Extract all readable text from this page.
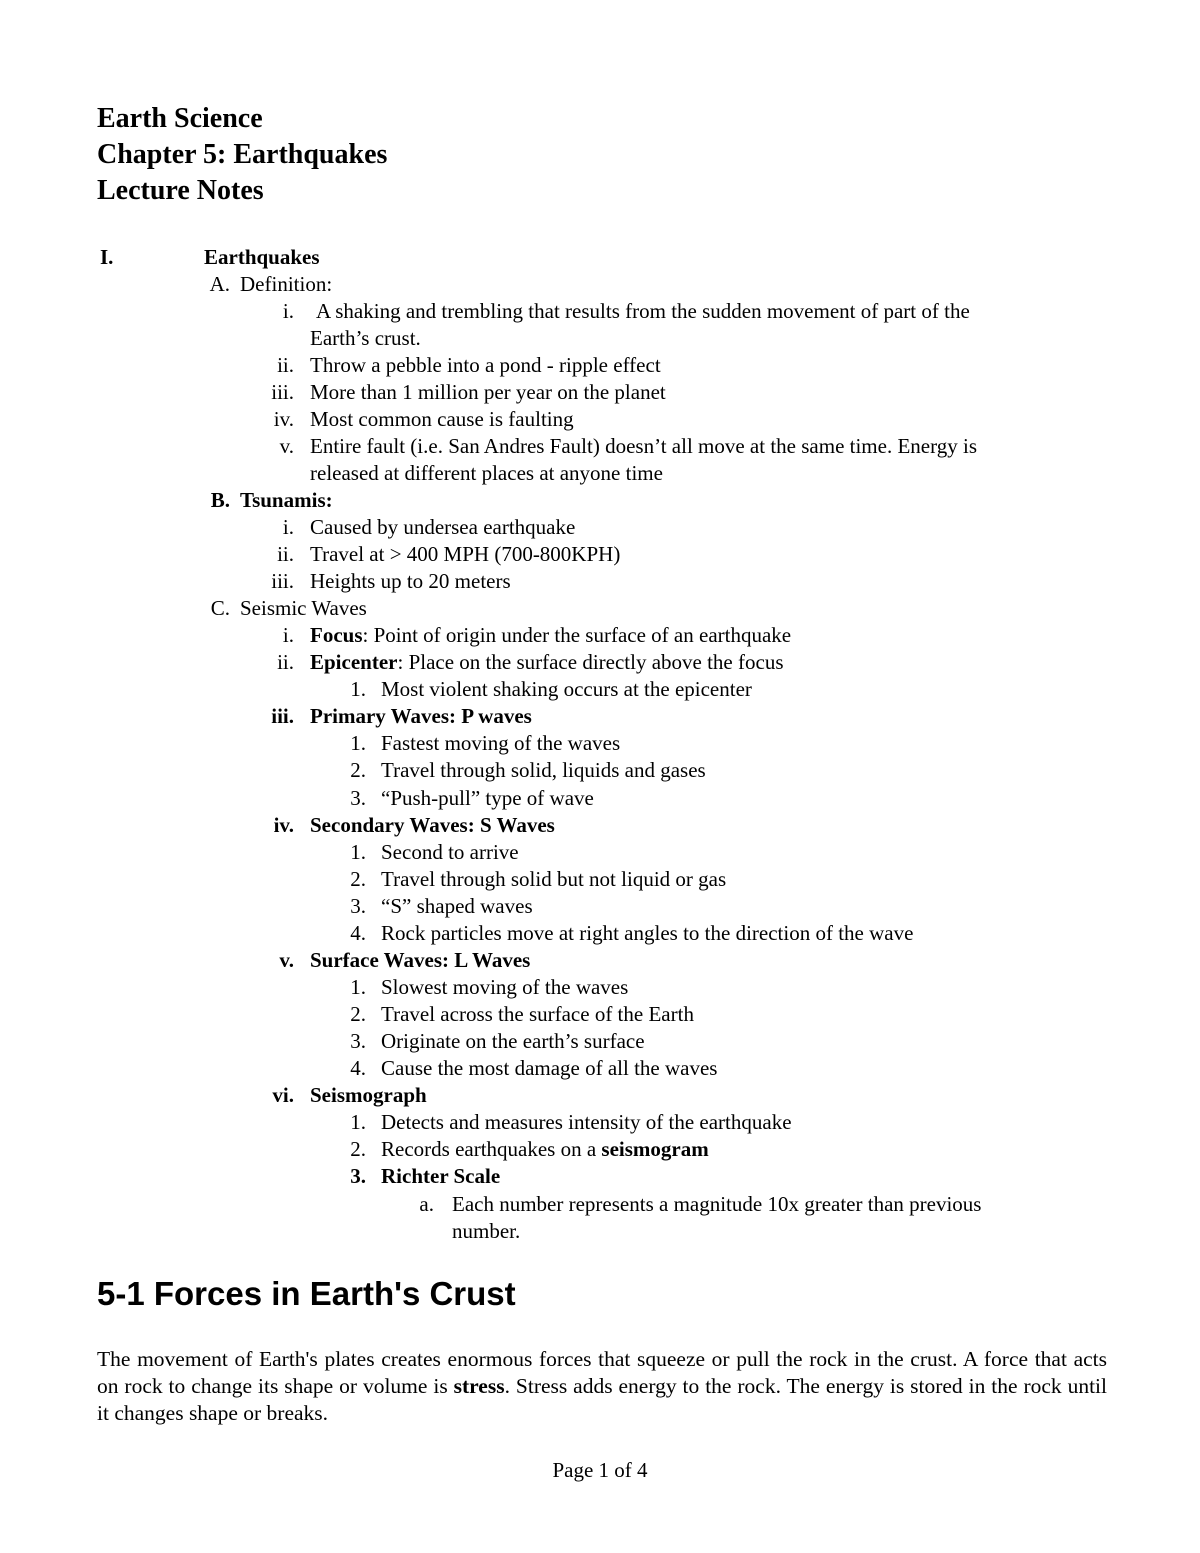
Earth Science
Chapter 5: Earthquakes
Lecture Notes
I.	Earthquakes
A. Definition:
i. A shaking and trembling that results from the sudden movement of part of the
Earth’s crust.
ii. Throw a pebble into a pond - ripple effect
iii. More than 1 million per year on the planet
iv. Most common cause is faulting
v. Entire fault (i.e. San Andres Fault) doesn’t all move at the same time. Energy is
released at different places at anyone time
B. Tsunamis:
i. Caused by undersea earthquake
ii. Travel at > 400 MPH (700-800KPH)
iii. Heights up to 20 meters
C. Seismic Waves
i. Focus: Point of origin under the surface of an earthquake
ii. Epicenter: Place on the surface directly above the focus
1. Most violent shaking occurs at the epicenter
iii. Primary Waves: P waves
1. Fastest moving of the waves
2. Travel through solid, liquids and gases
3. “Push-pull” type of wave
iv. Secondary Waves: S Waves
1. Second to arrive
2. Travel through solid but not liquid or gas
3. “S” shaped waves
4. Rock particles move at right angles to the direction of the wave
v. Surface Waves: L Waves
1. Slowest moving of the waves
2. Travel across the surface of the Earth
3. Originate on the earth’s surface
4. Cause the most damage of all the waves
vi. Seismograph
1. Detects and measures intensity of the earthquake
2. Records earthquakes on a seismogram
3. Richter Scale
a. Each number represents a magnitude 10x greater than previous
number.
5-1 Forces in Earth's Crust

The movement of Earth's plates creates enormous forces that squeeze or pull the rock in the crust. A force that acts on rock to change its shape or volume is stress. Stress adds energy to the rock. The energy is stored in the rock until it changes shape or breaks.

Page 1 of 4
